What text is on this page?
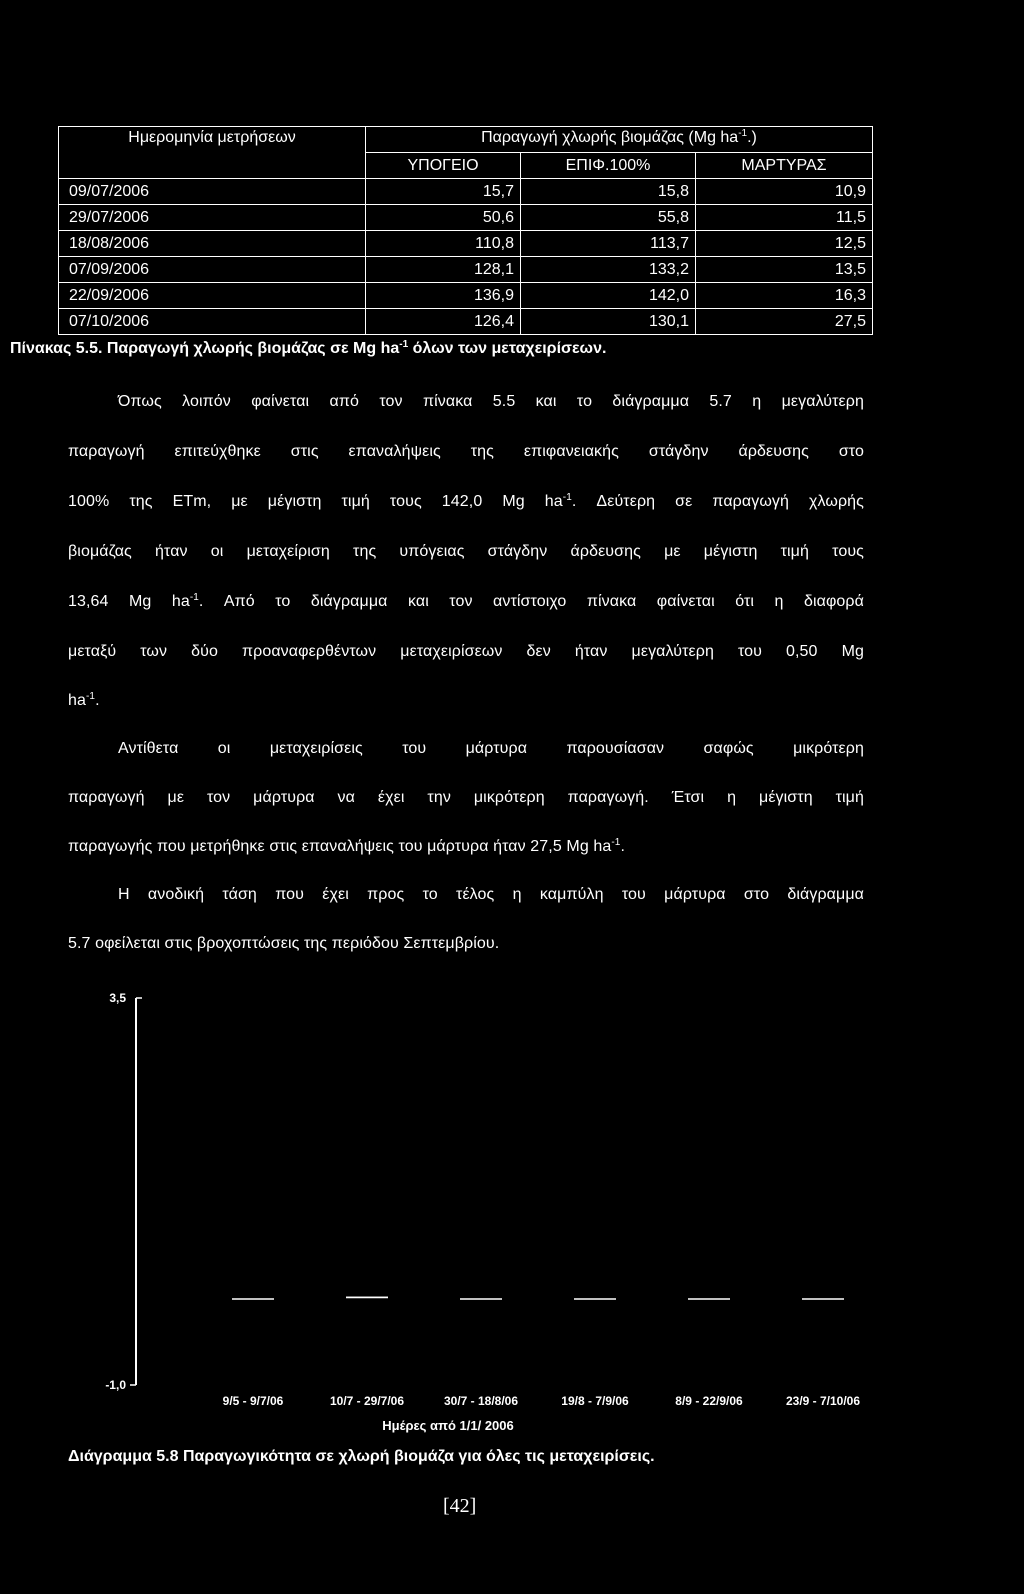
Ημερομηνία μετρήσεων	Παραγωγή χλωρής βιομάζας (Mg $ha^{-1}$.)		
	ΥΠΟΓΕΙΟ	ΕΠΙΦ.100%	ΜΑΡΤΥΡΑΣ
09/07/2006	15,7	15,8	10,9
29/07/2006	50,6	55,8	11,5
18/08/2006	110,8	113,7	12,5
07/09/2006	128,1	133,2	13,5
22/09/2006	136,9	142,0	16,3
07/10/2006	126,4	130,1	27,5
Πίνακας 5.5. Παραγωγή χλωρής βιομάζας σε Mg $ha^{-1}$ όλων των μεταχειρίσεων.
Όπως λοιπόν φαίνεται από τον πίνακα 5.5 και το διάγραμμα 5.7 η μεγαλύτερη
παραγωγή επιτεύχθηκε στις επαναλήψεις της επιφανειακής στάγδην άρδευσης στο
100% της ETm, με μέγιστη τιμή τους 142,0 Mg $ha^{-1}$. Δεύτερη σε παραγωγή χλωρής
βιομάζας ήταν οι μεταχείριση της υπόγειας στάγδην άρδευσης με μέγιστη τιμή τους
13,64 Mg $ha^{-1}$. Από το διάγραμμα και τον αντίστοιχο πίνακα φαίνεται ότι η διαφορά
μεταξύ των δύο προαναφερθέντων μεταχειρίσεων δεν ήταν μεγαλύτερη του 0,50 Mg
$ha^{-1}$.
Αντίθετα οι μεταχειρίσεις του μάρτυρα παρουσίασαν σαφώς μικρότερη
παραγωγή με τον μάρτυρα να έχει την μικρότερη παραγωγή. Έτσι η μέγιστη τιμή
παραγωγής που μετρήθηκε στις επαναλήψεις του μάρτυρα ήταν 27,5 Mg $ha^{-1}$.
Η ανοδική τάση που έχει προς το τέλος η καμπύλη του μάρτυρα στο διάγραμμα
5.7 οφείλεται στις βροχοπτώσεις της περιόδου Σεπτεμβρίου.
3,5
-1,0
9/5 - 9/7/06	10/7 - 29/7/06	30/7 - 18/8/06	19/8 - 7/9/06	8/9 - 22/9/06	23/9 - 7/10/06
Ημέρες από 1/1/ 2006
Διάγραμμα 5.8 Παραγωγικότητα σε χλωρή βιομάζα για όλες τις μεταχειρίσεις.
[42]
